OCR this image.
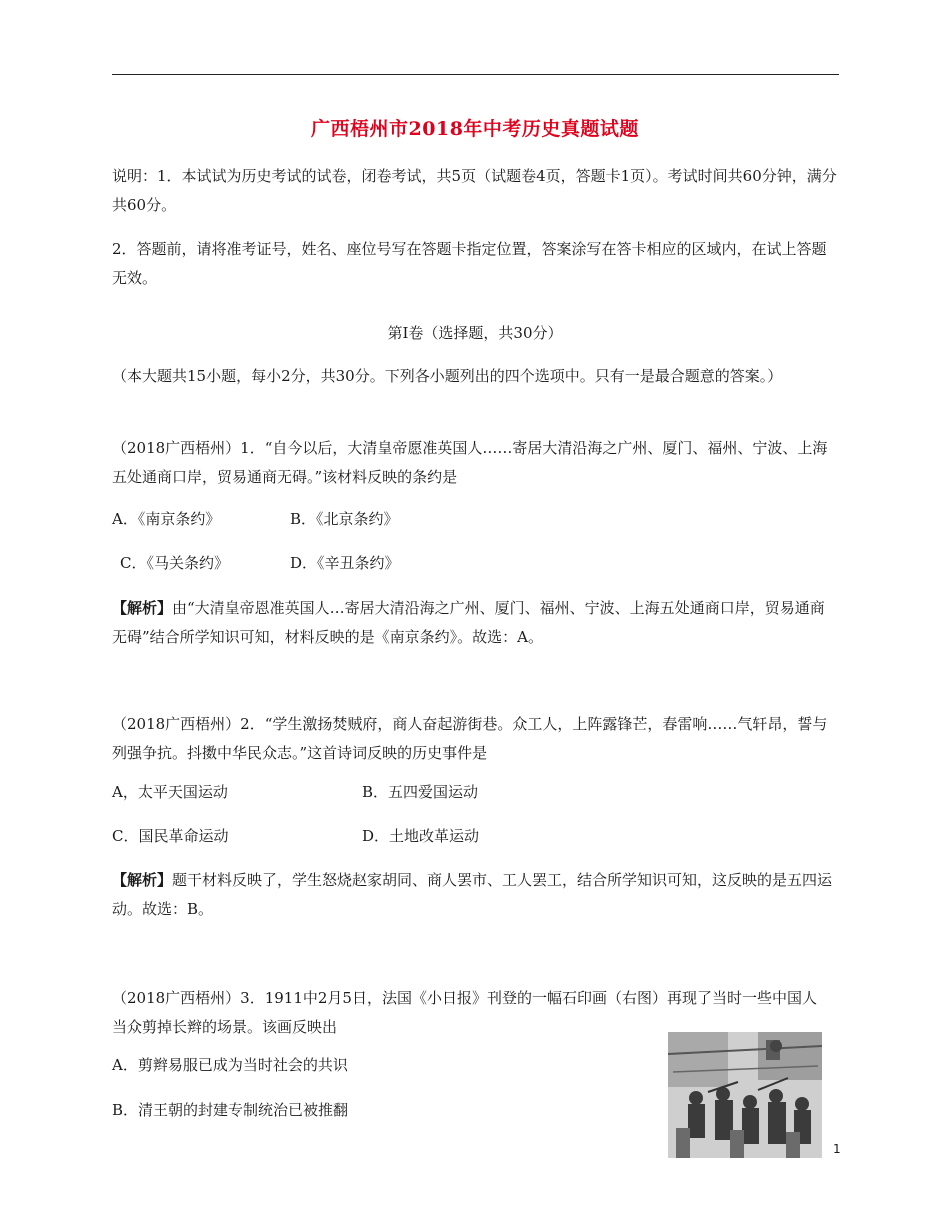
广西梧州市2018年中考历史真题试题
说明：1．本试试为历史考试的试卷，闭卷考试，共5页（试题卷4页，答题卡1页）。考试时间共60分钟，满分共60分。
2．答题前，请将准考证号，姓名、座位号写在答题卡指定位置，答案涂写在答卡相应的区域内，在试上答题无效。
第Ⅰ卷（选择题，共30分）
（本大题共15小题，每小2分，共30分。下列各小题列出的四个选项中。只有一是最合题意的答案。）
（2018广西梧州）1．“自今以后，大清皇帝愿准英国人……寄居大清沿海之广州、厦门、福州、宁波、上海五处通商口岸，贸易通商无碍。”该材料反映的条约是
A．《南京条约》	B．《北京条约》
C．《马关条约》	D．《辛丑条约》
【解析】由“大清皇帝恩准英国人…寄居大清沿海之广州、厦门、福州、宁波、上海五处通商口岸，贸易通商无碍”结合所学知识可知，材料反映的是《南京条约》。故选：A。
（2018广西梧州）2．“学生激扬焚贼府，商人奋起游街巷。众工人，上阵露锋芒，春雷响……气轩昂，誓与列强争抗。抖擞中华民众志。”这首诗词反映的历史事件是
A，太平天国运动	B．五四爱国运动
C．国民革命运动	D．土地改革运动
【解析】题干材料反映了，学生怒烧赵家胡同、商人罢市、工人罢工，结合所学知识可知，这反映的是五四运动。故选：B。
（2018广西梧州）3．1911中2月5日，法国《小日报》刊登的一幅石印画（右图）再现了当时一些中国人当众剪掉长辫的场景。该画反映出
A．剪辫易服已成为当时社会的共识
B．清王朝的封建专制统治已被推翻
1
